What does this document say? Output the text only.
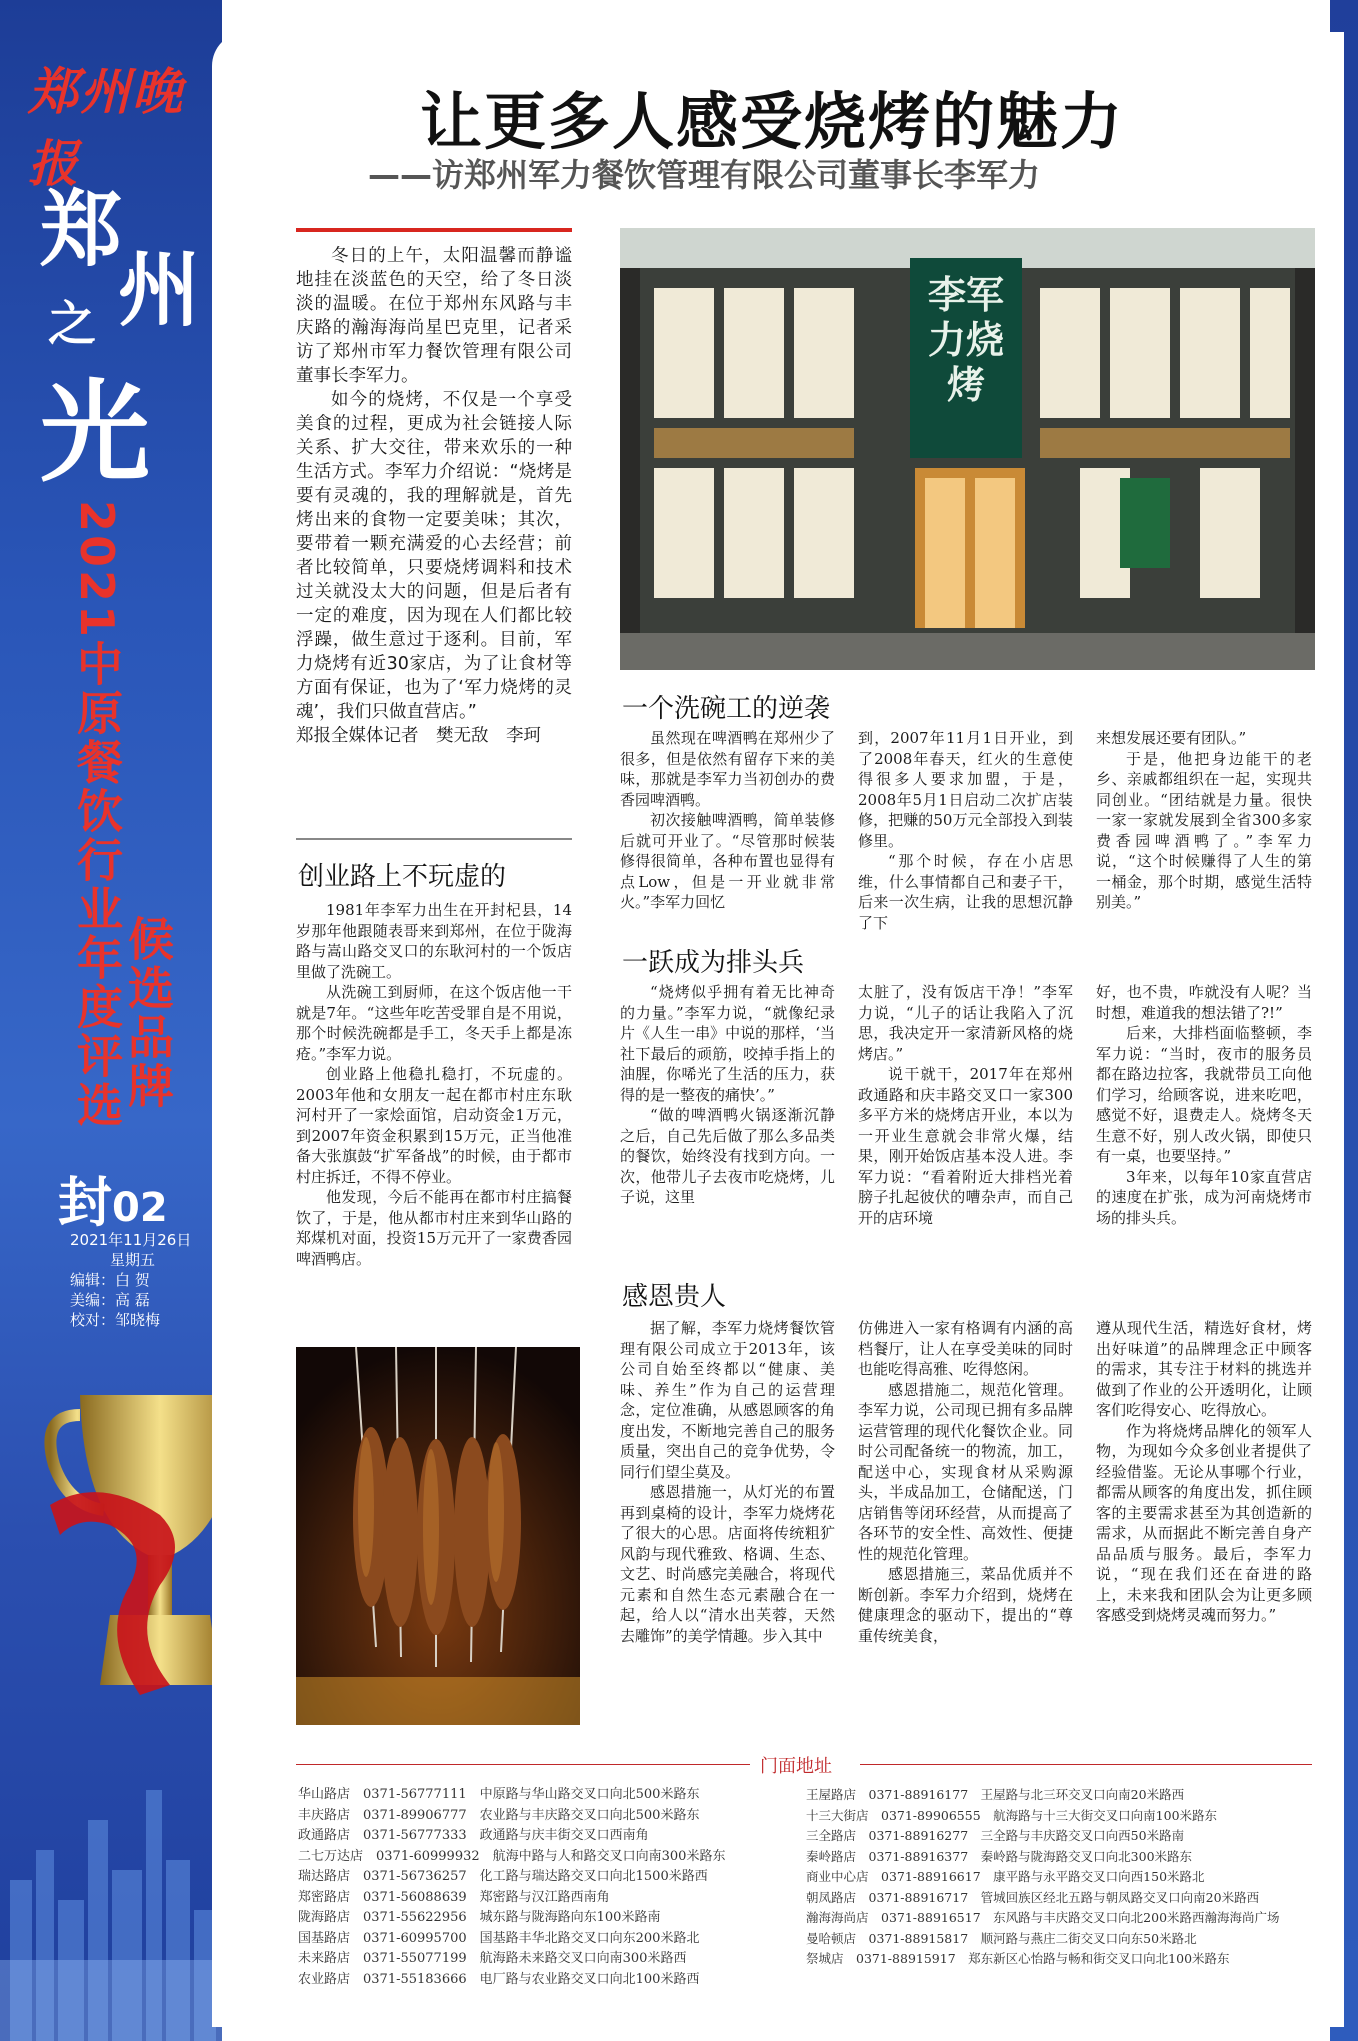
郑州晚报
郑
州
之
光
2021中原餐饮行业年度评选
候选品牌
封02
2021年11月26日
星期五
编辑：白 贺
美编：高 磊
校对：邹晓梅
让更多人感受烧烤的魅力
——访郑州军力餐饮管理有限公司董事长李军力

冬日的上午，太阳温馨而静谧地挂在淡蓝色的天空，给了冬日淡淡的温暖。在位于郑州东风路与丰庆路的瀚海海尚星巴克里，记者采访了郑州市军力餐饮管理有限公司董事长李军力。

如今的烧烤，不仅是一个享受美食的过程，更成为社会链接人际关系、扩大交往，带来欢乐的一种生活方式。李军力介绍说：“烧烤是要有灵魂的，我的理解就是，首先烤出来的食物一定要美味；其次，要带着一颗充满爱的心去经营；前者比较简单，只要烧烤调料和技术过关就没太大的问题，但是后者有一定的难度，因为现在人们都比较浮躁，做生意过于逐利。目前，军力烧烤有近30家店，为了让食材等方面有保证，也为了‘军力烧烤的灵魂’，我们只做直营店。”

郑报全媒体记者　樊无敌　李珂
创业路上不玩虚的

1981年李军力出生在开封杞县，14岁那年他跟随表哥来到郑州，在位于陇海路与嵩山路交叉口的东耿河村的一个饭店里做了洗碗工。

从洗碗工到厨师，在这个饭店他一干就是7年。“这些年吃苦受罪自是不用说，那个时候洗碗都是手工，冬天手上都是冻疮。”李军力说。

创业路上他稳扎稳打，不玩虚的。2003年他和女朋友一起在都市村庄东耿河村开了一家烩面馆，启动资金1万元，到2007年资金积累到15万元，正当他准备大张旗鼓“扩军备战”的时候，由于都市村庄拆迁，不得不停业。

他发现，今后不能再在都市村庄搞餐饮了，于是，他从都市村庄来到华山路的郑煤机对面，投资15万元开了一家费香园啤酒鸭店。

李军
力烧
烤
一个洗碗工的逆袭

虽然现在啤酒鸭在郑州少了很多，但是依然有留存下来的美味，那就是李军力当初创办的费香园啤酒鸭。

初次接触啤酒鸭，简单装修后就可开业了。“尽管那时候装修得很简单，各种布置也显得有点Low，但是一开业就非常火。”李军力回忆

到，2007年11月1日开业，到了2008年春天，红火的生意使得很多人要求加盟，于是，2008年5月1日启动二次扩店装修，把赚的50万元全部投入到装修里。

“那个时候，存在小店思维，什么事情都自己和妻子干，后来一次生病，让我的思想沉静了下

来想发展还要有团队。”

于是，他把身边能干的老乡、亲戚都组织在一起，实现共同创业。“团结就是力量。很快一家一家就发展到全省300多家费香园啤酒鸭了。”李军力说，“这个时候赚得了人生的第一桶金，那个时期，感觉生活特别美。”

一跃成为排头兵

“烧烤似乎拥有着无比神奇的力量。”李军力说，“就像纪录片《人生一串》中说的那样，‘当社下最后的顽筋，咬掉手指上的油腥，你唏光了生活的压力，获得的是一整夜的痛快’。”

“做的啤酒鸭火锅逐渐沉静之后，自己先后做了那么多品类的餐饮，始终没有找到方向。一次，他带儿子去夜市吃烧烤，儿子说，这里

太脏了，没有饭店干净！”李军力说，“儿子的话让我陷入了沉思，我决定开一家清新风格的烧烤店。”

说干就干，2017年在郑州政通路和庆丰路交叉口一家300多平方米的烧烤店开业，本以为一开业生意就会非常火爆，结果，刚开始饭店基本没人进。李军力说：“看着附近大排档光着膀子扎起彼伏的嘈杂声，而自己开的店环境

好，也不贵，咋就没有人呢？当时想，难道我的想法错了?!”

后来，大排档面临整顿，李军力说：“当时，夜市的服务员都在路边拉客，我就带员工向他们学习，给顾客说，进来吃吧，感觉不好，退费走人。烧烤冬天生意不好，别人改火锅，即使只有一桌，也要坚持。”

3年来，以每年10家直营店的速度在扩张，成为河南烧烤市场的排头兵。

感恩贵人

据了解，李军力烧烤餐饮管理有限公司成立于2013年，该公司自始至终都以“健康、美味、养生”作为自己的运营理念，定位准确，从感恩顾客的角度出发，不断地完善自己的服务质量，突出自己的竞争优势，令同行们望尘莫及。

感恩措施一，从灯光的布置再到桌椅的设计，李军力烧烤花了很大的心思。店面将传统粗犷风韵与现代雅致、格调、生态、文艺、时尚感完美融合，将现代元素和自然生态元素融合在一起，给人以“清水出芙蓉，天然去雕饰”的美学情趣。步入其中

仿佛进入一家有格调有内涵的高档餐厅，让人在享受美味的同时也能吃得高雅、吃得悠闲。

感恩措施二，规范化管理。李军力说，公司现已拥有多品牌运营管理的现代化餐饮企业。同时公司配备统一的物流，加工，配送中心，实现食材从采购源头，半成品加工，仓储配送，门店销售等闭环经营，从而提高了各环节的安全性、高效性、便捷性的规范化管理。

感恩措施三，菜品优质并不断创新。李军力介绍到，烧烤在健康理念的驱动下，提出的“尊重传统美食，

遵从现代生活，精选好食材，烤出好味道”的品牌理念正中顾客的需求，其专注于材料的挑选并做到了作业的公开透明化，让顾客们吃得安心、吃得放心。

作为将烧烤品牌化的领军人物，为现如今众多创业者提供了经验借鉴。无论从事哪个行业，都需从顾客的角度出发，抓住顾客的主要需求甚至为其创造新的需求，从而据此不断完善自身产品品质与服务。最后，李军力说，“现在我们还在奋进的路上，未来我和团队会为让更多顾客感受到烧烤灵魂而努力。”

门面地址
华山路店　0371-56777111　中原路与华山路交叉口向北500米路东
丰庆路店　0371-89906777　农业路与丰庆路交叉口向北500米路东
政通路店　0371-56777333　政通路与庆丰街交叉口西南角
二七万达店　0371-60999932　航海中路与人和路交叉口向南300米路东
瑞达路店　0371-56736257　化工路与瑞达路交叉口向北1500米路西
郑密路店　0371-56088639　郑密路与汉江路西南角
陇海路店　0371-55622956　城东路与陇海路向东100米路南
国基路店　0371-60995700　国基路丰华北路交叉口向东200米路北
未来路店　0371-55077199　航海路未来路交叉口向南300米路西
农业路店　0371-55183666　电厂路与农业路交叉口向北100米路西
王屋路店　0371-88916177　王屋路与北三环交叉口向南20米路西
十三大街店　0371-89906555　航海路与十三大街交叉口向南100米路东
三全路店　0371-88916277　三全路与丰庆路交叉口向西50米路南
秦岭路店　0371-88916377　秦岭路与陇海路交叉口向北300米路东
商业中心店　0371-88916617　康平路与永平路交叉口向西150米路北
朝凤路店　0371-88916717　管城回族区经北五路与朝凤路交叉口向南20米路西
瀚海海尚店　0371-88916517　东风路与丰庆路交叉口向北200米路西瀚海海尚广场
曼哈顿店　0371-88915817　顺河路与燕庄二街交叉口向东50米路北
祭城店　0371-88915917　郑东新区心怡路与畅和街交叉口向北100米路东
